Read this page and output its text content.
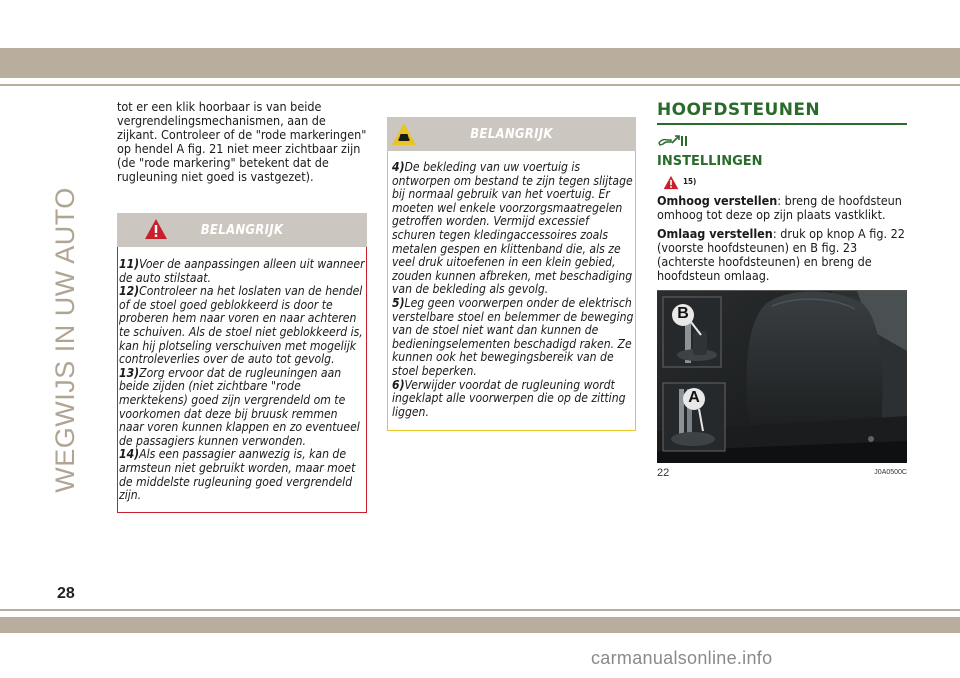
WEGWIJS IN UW AUTO

tot er een klik hoorbaar is van beide vergrendelingsmechanismen, aan de zijkant. Controleer of de "rode markeringen" op hendel A fig. 21 niet meer zichtbaar zijn (de "rode markering" betekent dat de rugleuning niet goed is vastgezet).

BELANGRIJK

11)Voer de aanpassingen alleen uit wanneer de auto stilstaat.

12)Controleer na het loslaten van de hendel of de stoel goed geblokkeerd is door te proberen hem naar voren en naar achteren te schuiven. Als de stoel niet geblokkeerd is, kan hij plotseling verschuiven met mogelijk controleverlies over de auto tot gevolg.

13)Zorg ervoor dat de rugleuningen aan beide zijden (niet zichtbare "rode merktekens) goed zijn vergrendeld om te voorkomen dat deze bij bruusk remmen naar voren kunnen klappen en zo eventueel de passagiers kunnen verwonden.

14)Als een passagier aanwezig is, kan de armsteun niet gebruikt worden, maar moet de middelste rugleuning goed vergrendeld zijn.

BELANGRIJK

4)De bekleding van uw voertuig is ontworpen om bestand te zijn tegen slijtage bij normaal gebruik van het voertuig. Er moeten wel enkele voorzorgsmaatregelen getroffen worden. Vermijd excessief schuren tegen kledingaccessoires zoals metalen gespen en klittenband die, als ze veel druk uitoefenen in een klein gebied, zouden kunnen afbreken, met beschadiging van de bekleding als gevolg.

5)Leg geen voorwerpen onder de elektrisch verstelbare stoel en belemmer de beweging van de stoel niet want dan kunnen de bedieningselementen beschadigd raken. Ze kunnen ook het bewegingsbereik van de stoel beperken.

6)Verwijder voordat de rugleuning wordt ingeklapt alle voorwerpen die op de zitting liggen.

HOOFDSTEUNEN
INSTELLINGEN
15)

Omhoog verstellen: breng de hoofdsteun omhoog tot deze op zijn plaats vastklikt.

Omlaag verstellen: druk op knop A fig. 22 (voorste hoofdsteunen) en B fig. 23 (achterste hoofdsteunen) en breng de hoofdsteun omlaag.

B
A
22	J0A0500C
28
carmanualsonline.info
